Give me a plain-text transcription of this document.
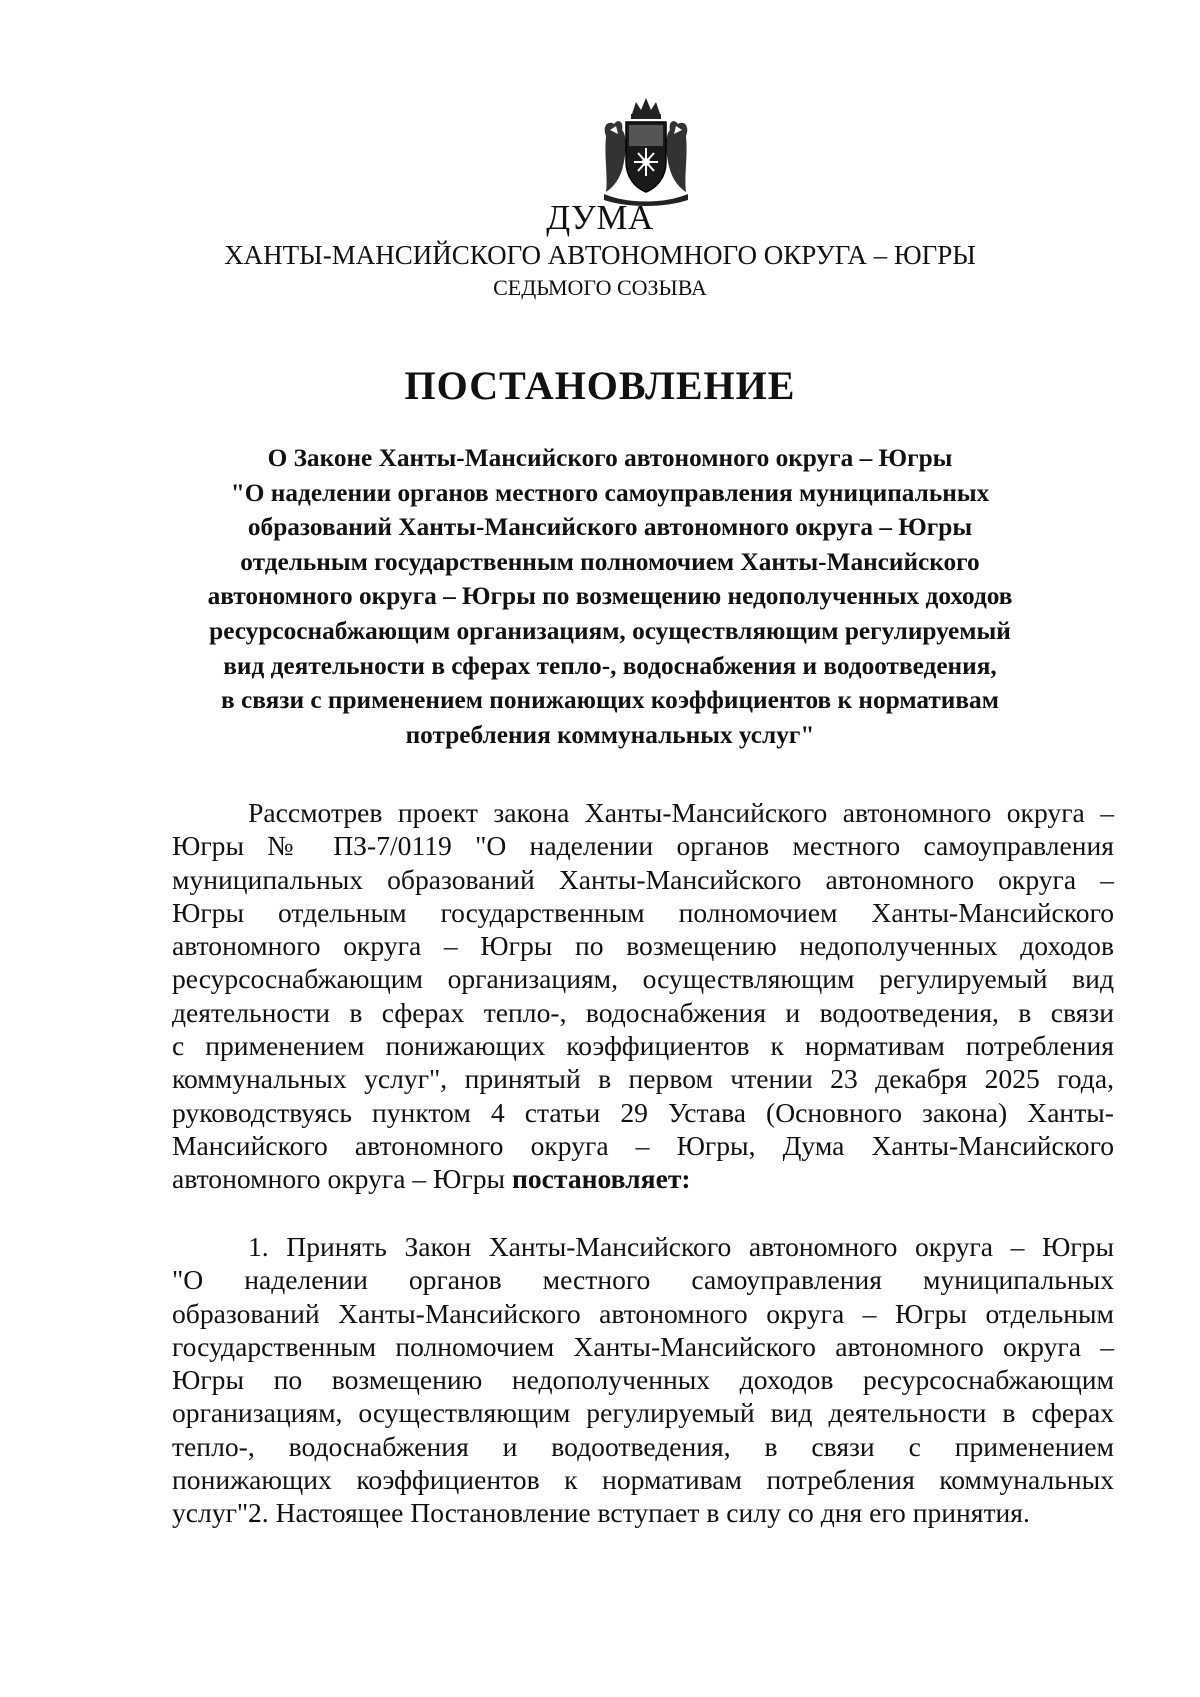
ДУМА
ХАНТЫ-МАНСИЙСКОГО АВТОНОМНОГО ОКРУГА – ЮГРЫ
СЕДЬМОГО СОЗЫВА
ПОСТАНОВЛЕНИЕ
О Законе Ханты-Мансийского автономного округа – Югры
"О наделении органов местного самоуправления муниципальных
образований Ханты-Мансийского автономного округа – Югры
отдельным государственным полномочием Ханты-Мансийского
автономного округа – Югры по возмещению недополученных доходов
ресурсоснабжающим организациям, осуществляющим регулируемый
вид деятельности в сферах тепло-, водоснабжения и водоотведения,
в связи с применением понижающих коэффициентов к нормативам
потребления коммунальных услуг"
Рассмотрев проект закона Ханты-Мансийского автономного округа –
Югры № ПЗ-7/0119 "О наделении органов местного самоуправления
муниципальных образований Ханты-Мансийского автономного округа –
Югры отдельным государственным полномочием Ханты-Мансийского
автономного округа – Югры по возмещению недополученных доходов
ресурсоснабжающим организациям, осуществляющим регулируемый вид
деятельности в сферах тепло-, водоснабжения и водоотведения, в связи
с применением понижающих коэффициентов к нормативам потребления
коммунальных услуг", принятый в первом чтении 23 декабря 2025 года,
руководствуясь пунктом 4 статьи 29 Устава (Основного закона) Ханты-
Мансийского автономного округа – Югры, Дума Ханты-Мансийского
автономного округа – Югры постановляет:
1. Принять Закон Ханты-Мансийского автономного округа – Югры
"О наделении органов местного самоуправления муниципальных
образований Ханты-Мансийского автономного округа – Югры отдельным
государственным полномочием Ханты-Мансийского автономного округа –
Югры по возмещению недополученных доходов ресурсоснабжающим
организациям, осуществляющим регулируемый вид деятельности в сферах
тепло-, водоснабжения и водоотведения, в связи с применением
понижающих коэффициентов к нормативам потребления коммунальных
услуг".
2. Настоящее Постановление вступает в силу со дня его принятия.
